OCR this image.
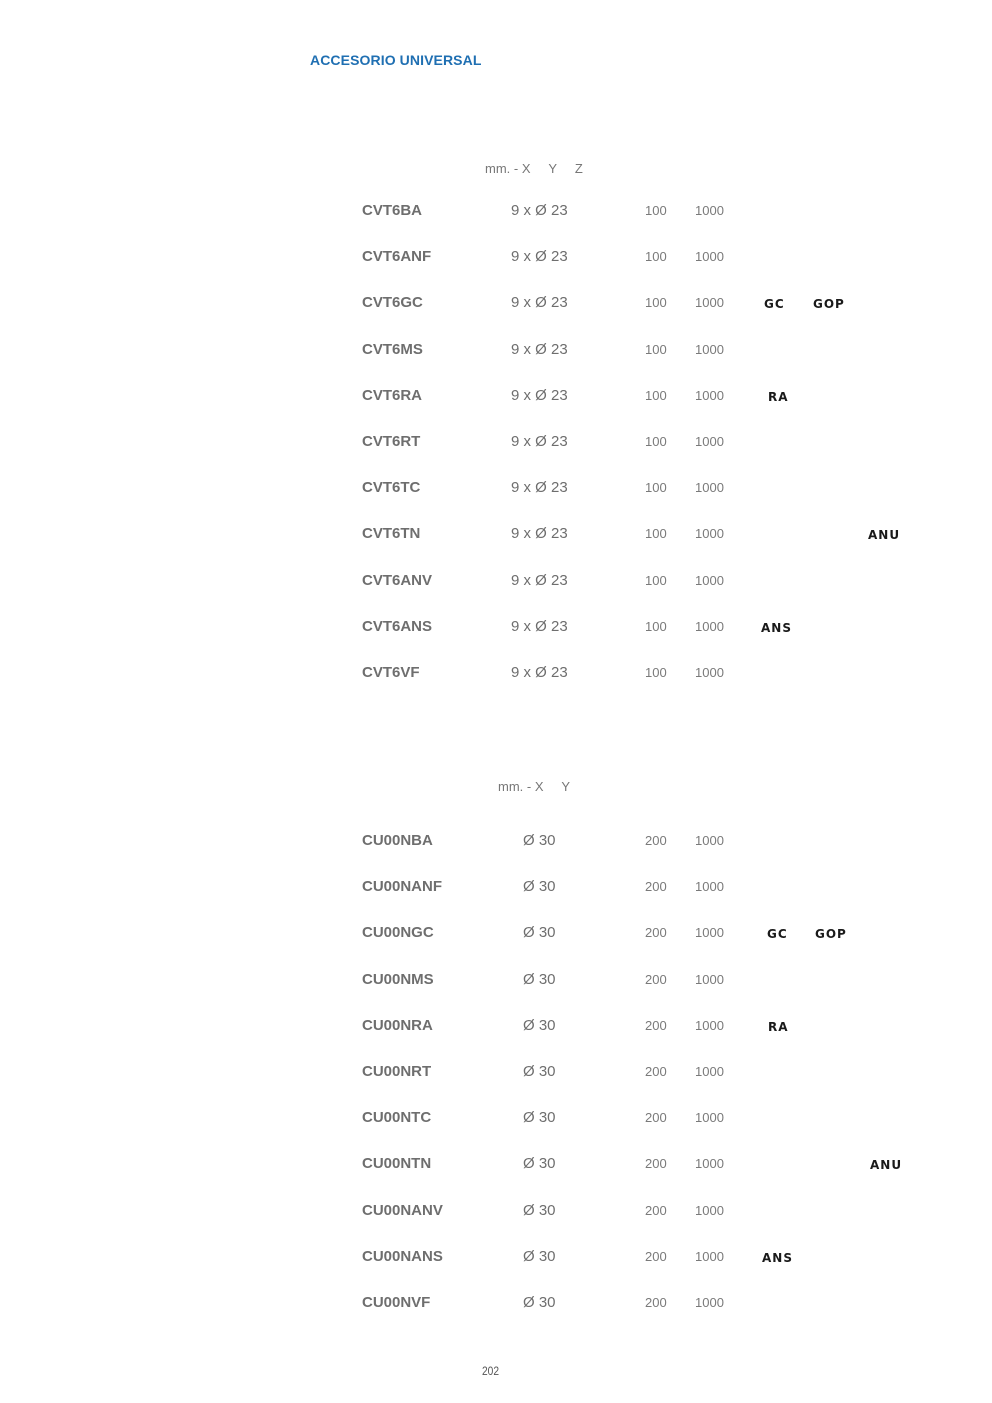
ACCESORIO UNIVERSAL
mm. - X     Y     Z
CVT6BA	9 x Ø 23	100 1000
CVT6ANF	9 x Ø 23	100 1000
CVT6GC	9 x Ø 23	100 1000	GC GOP
CVT6MS	9 x Ø 23	100 1000
CVT6RA	9 x Ø 23	100 1000	RA
CVT6RT	9 x Ø 23	100 1000
CVT6TC	9 x Ø 23	100 1000
CVT6TN	9 x Ø 23	100 1000	ANU
CVT6ANV	9 x Ø 23	100 1000
CVT6ANS	9 x Ø 23	100 1000	ANS
CVT6VF	9 x Ø 23	100 1000
mm. - X     Y
CU00NBA	Ø 30	200 1000
CU00NANF	Ø 30	200 1000
CU00NGC	Ø 30	200 1000	GC GOP
CU00NMS	Ø 30	200 1000
CU00NRA	Ø 30	200 1000	RA
CU00NRT	Ø 30	200 1000
CU00NTC	Ø 30	200 1000
CU00NTN	Ø 30	200 1000	ANU
CU00NANV	Ø 30	200 1000
CU00NANS	Ø 30	200 1000	ANS
CU00NVF	Ø 30	200 1000
202
